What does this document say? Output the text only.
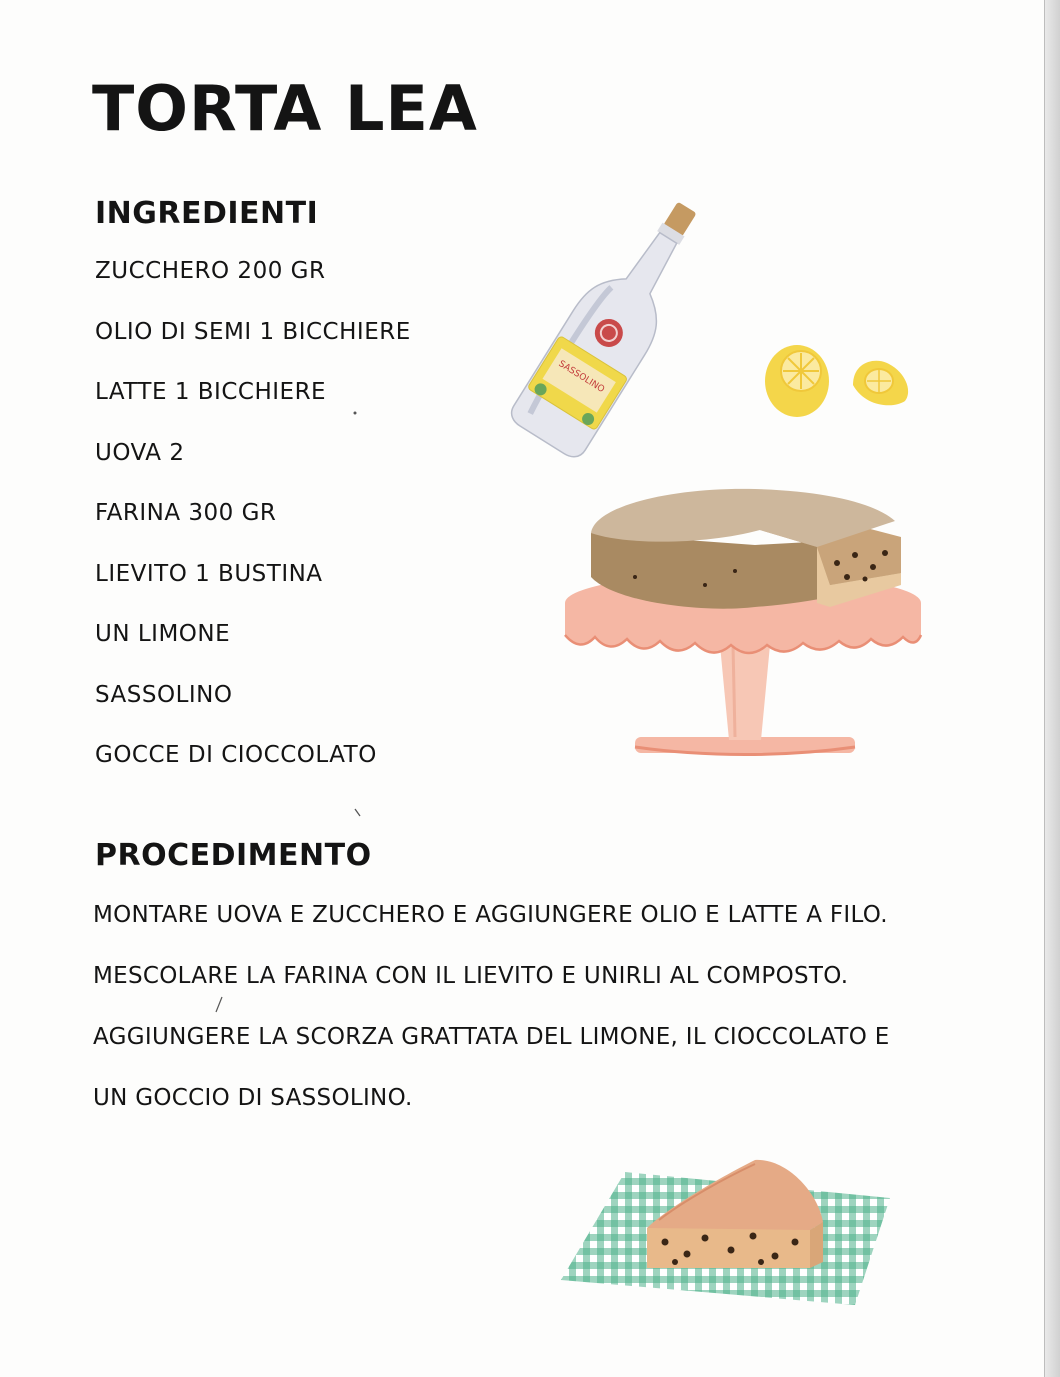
TORTA LEA
INGREDIENTI
ZUCCHERO 200 GR
OLIO DI SEMI 1 BICCHIERE
LATTE 1 BICCHIERE
UOVA 2
FARINA 300 GR
LIEVITO 1 BUSTINA
UN LIMONE
SASSOLINO
GOCCE DI CIOCCOLATO
PROCEDIMENTO
MONTARE UOVA E ZUCCHERO E AGGIUNGERE OLIO E LATTE A FILO.
MESCOLARE LA FARINA CON IL LIEVITO E UNIRLI AL COMPOSTO.
AGGIUNGERE LA SCORZA GRATTATA DEL LIMONE, IL CIOCCOLATO E
UN GOCCIO DI SASSOLINO.
SASSOLINO
